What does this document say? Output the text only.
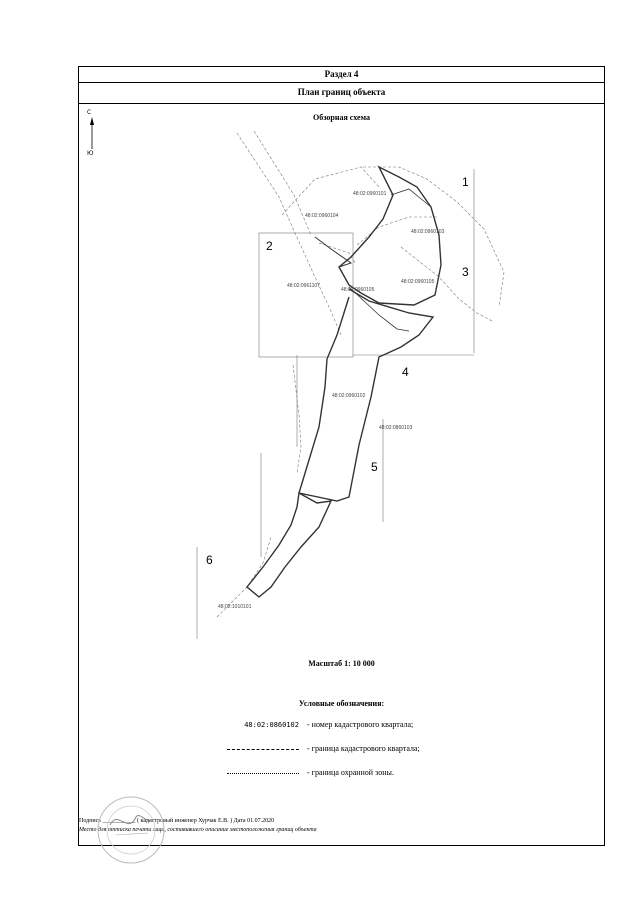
Раздел 4
План границ объекта
Обзорная схема
С
Ю
1
2
3
4
5
6
48:02:0960101
48:02:0960104
48:02:0960103
48:02:0960105
48:02:0961107
48:02:0960105
48:02:0960102
48:02:0860103
48:02:1010101
Масштаб 1: 10 000
Условные обозначения:
48:02:0860102 - номер кадастрового квартала;
- граница кадастрового квартала;
- граница охранной зоны.
Подпись ___________ ( кадастровый инженер Хурчак Е.В. ) Дата 01.07.2020
Место для оттиска печати лица, составившего описание местоположения границ объекта
